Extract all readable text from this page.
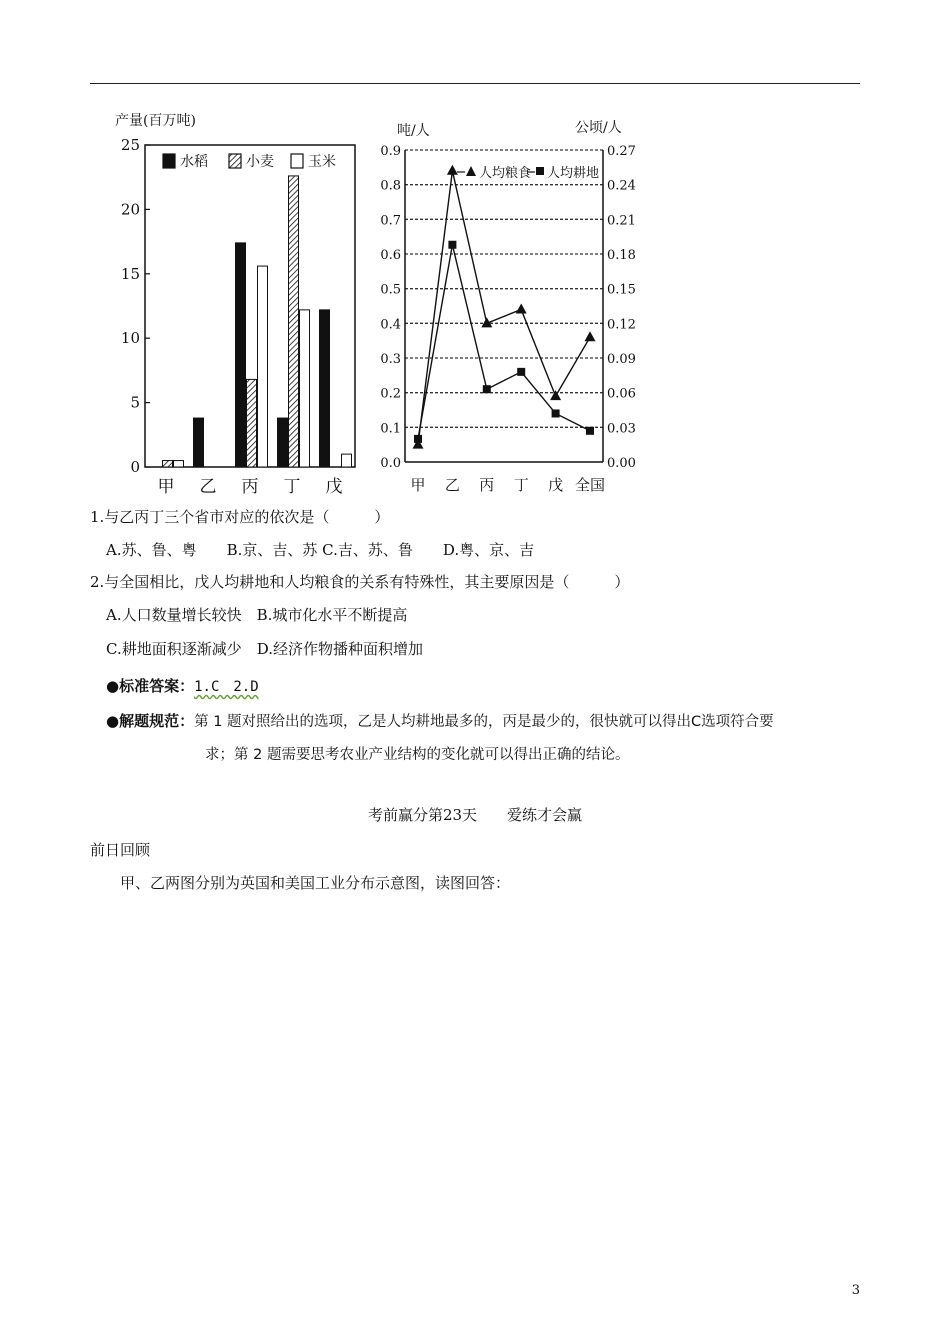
产量(百万吨)
0
5
10
15
20
25
水稻	小麦 玉米
甲 乙 丙 丁 戊
吨/人	公顷/人
0.0
0.1
0.2
0.3
0.4
0.5
0.6
0.7
0.8
0.9
0.00
0.03
0.06
0.09
0.12
0.15
0.18
0.21
0.24
0.27
甲 乙 丙 丁 戊 全国
人均粮食 人均耕地
1.与乙丙丁三个省市对应的依次是（　　　）
A.苏、鲁、粤　　B.京、吉、苏 C.吉、苏、鲁　　D.粤、京、吉
2.与全国相比，戊人均耕地和人均粮食的关系有特殊性，其主要原因是（　　　）
A.人口数量增长较快　B.城市化水平不断提高
C.耕地面积逐渐减少　D.经济作物播种面积增加
●标准答案：1.C　2.D
●解题规范：第 1 题对照给出的选项，乙是人均耕地最多的，丙是最少的，很快就可以得出C选项符合要
求；第 2 题需要思考农业产业结构的变化就可以得出正确的结论。
考前赢分第23天　　爱练才会赢
前日回顾
甲、乙两图分别为英国和美国工业分布示意图，读图回答：
3
